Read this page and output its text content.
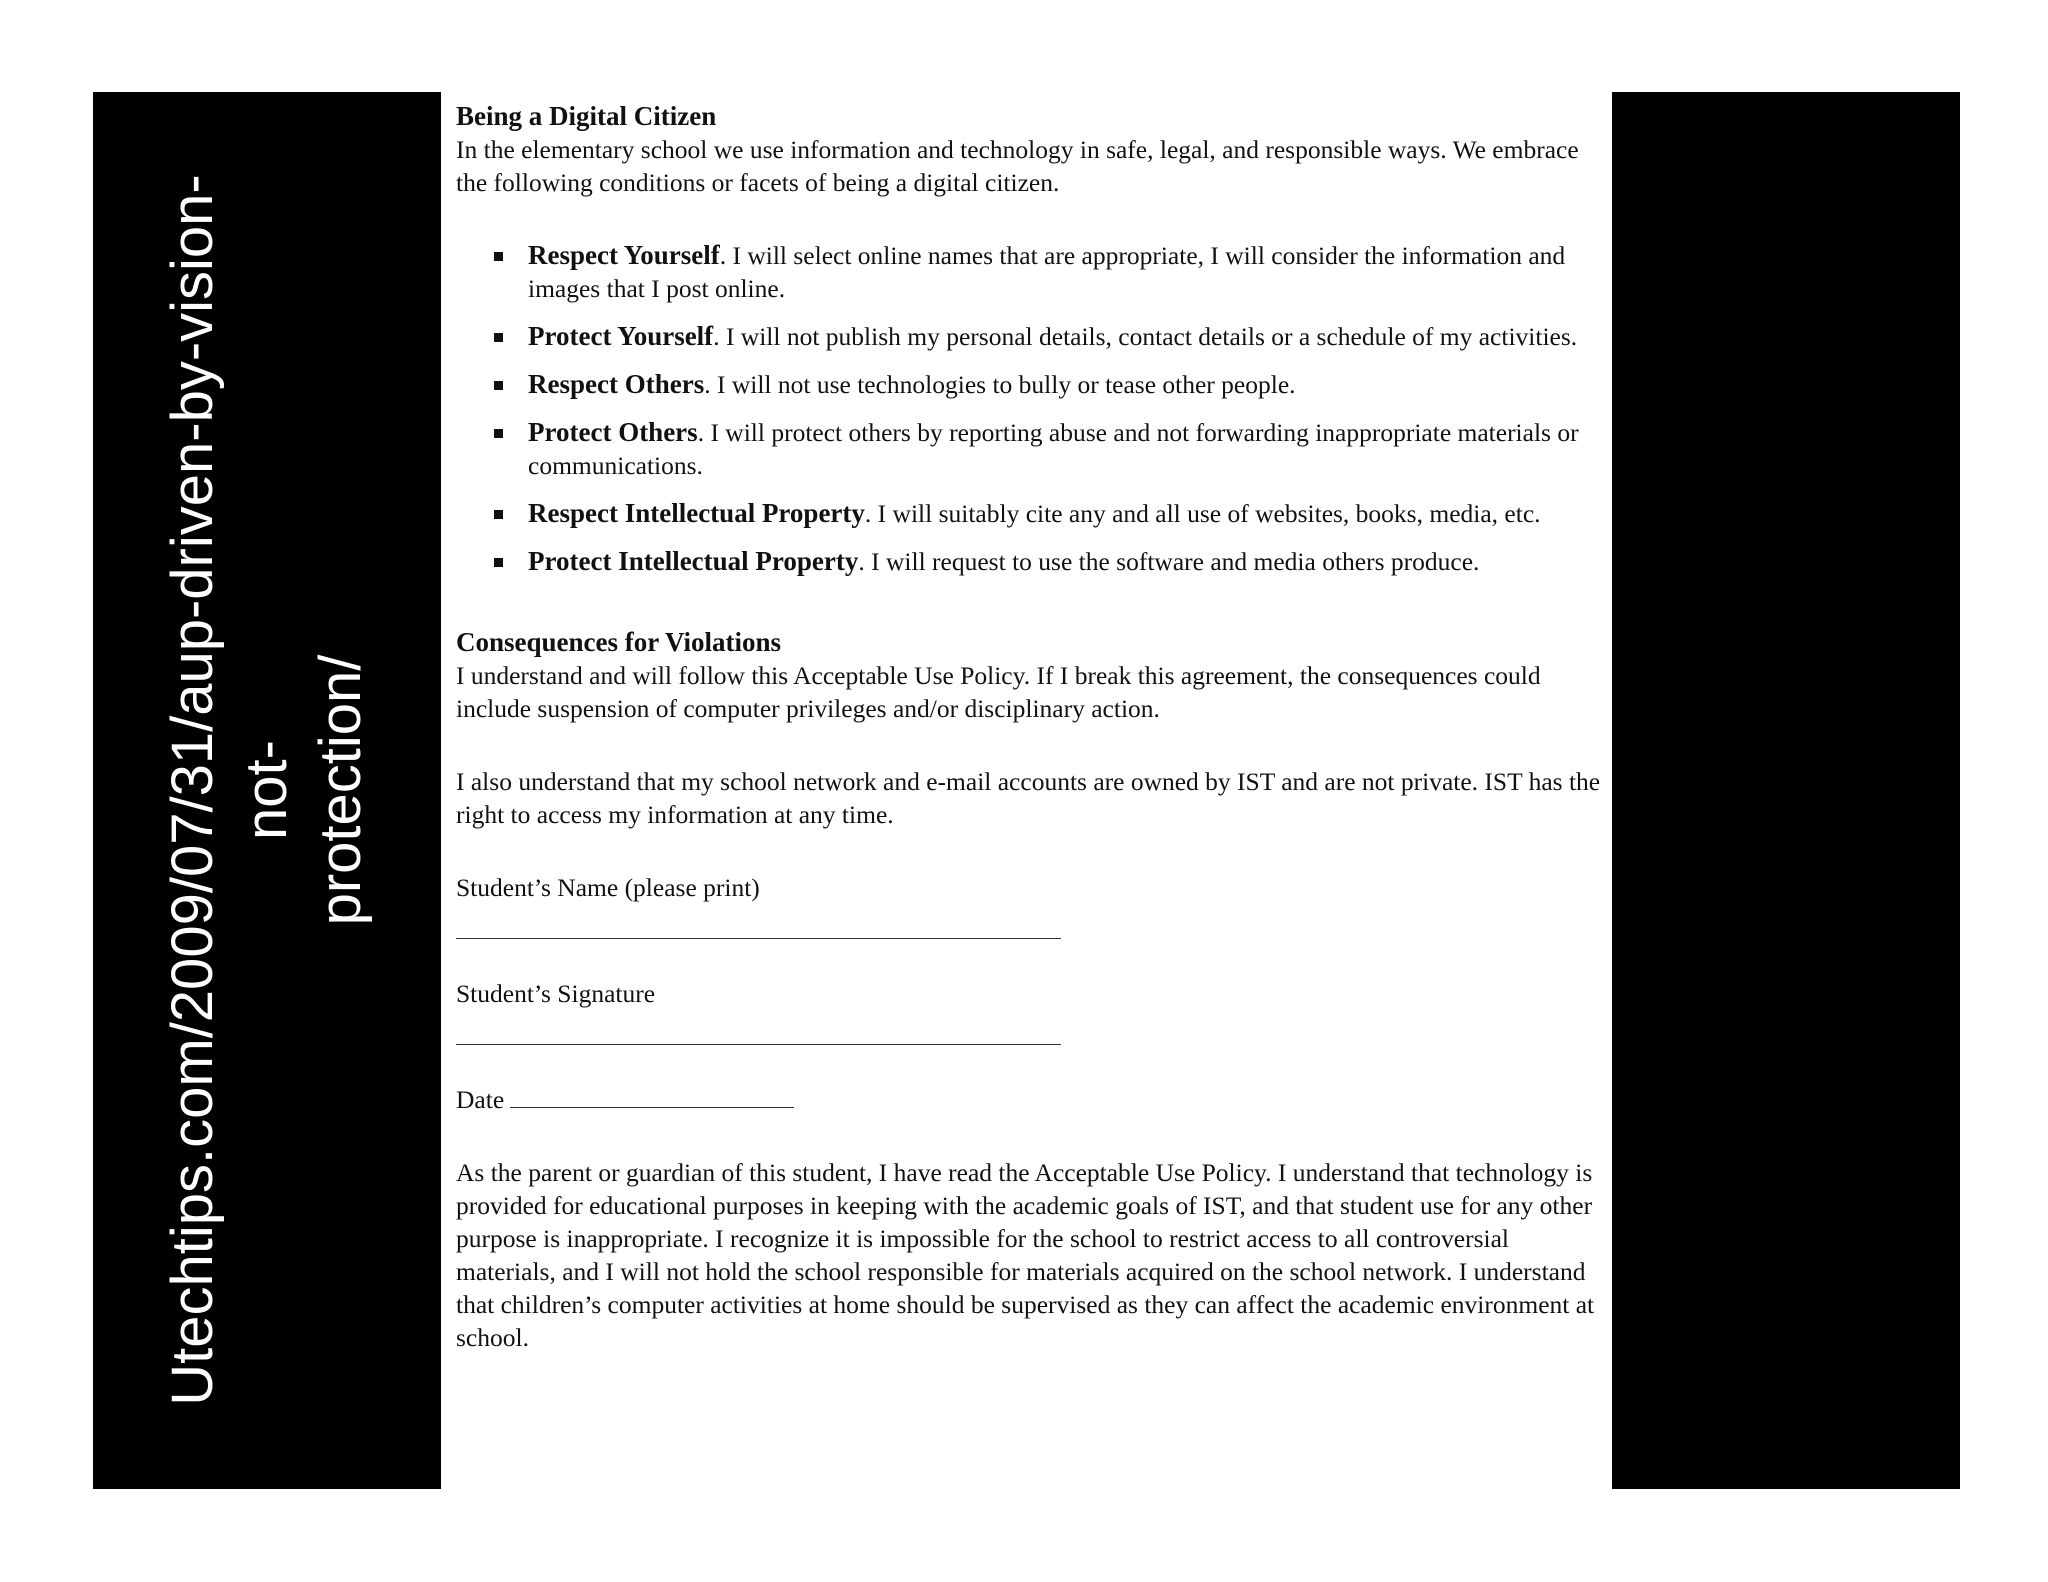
Utechtips.com/2009/07/31/aup-driven-by-vision-not-
protection/

Being a Digital Citizen

In the elementary school we use information and technology in safe, legal, and responsible ways. We embrace the following conditions or facets of being a digital citizen.

Respect Yourself. I will select online names that are appropriate, I will consider the information and images that I post online.
Protect Yourself. I will not publish my personal details, contact details or a schedule of my activities.
Respect Others. I will not use technologies to bully or tease other people.
Protect Others. I will protect others by reporting abuse and not forwarding inappropriate materials or communications.
Respect Intellectual Property. I will suitably cite any and all use of websites, books, media, etc.
Protect Intellectual Property. I will request to use the software and media others produce.

Consequences for Violations

I understand and will follow this Acceptable Use Policy. If I break this agreement, the consequences could include suspension of computer privileges and/or disciplinary action.

I also understand that my school network and e-mail accounts are owned by IST and are not private. IST has the right to access my information at any time.

Student’s Name (please print)

Student’s Signature

Date

As the parent or guardian of this student, I have read the Acceptable Use Policy. I understand that technology is provided for educational purposes in keeping with the academic goals of IST, and that student use for any other purpose is inappropriate. I recognize it is impossible for the school to restrict access to all controversial materials, and I will not hold the school responsible for materials acquired on the school network. I understand that children’s computer activities at home should be supervised as they can affect the academic environment at school.
